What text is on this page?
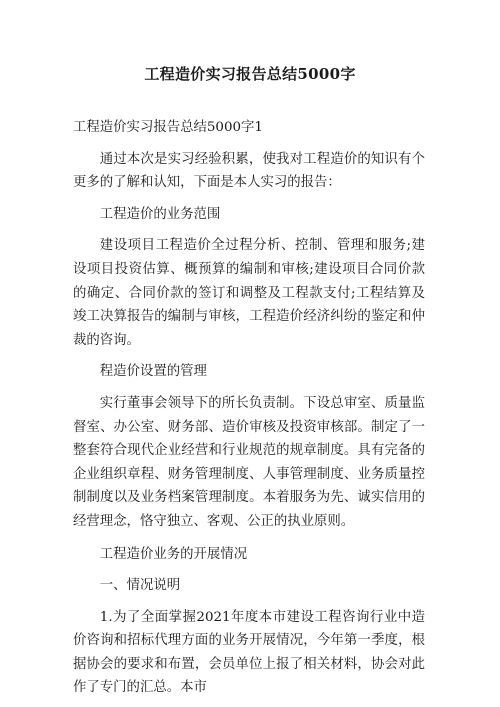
工程造价实习报告总结5000字

工程造价实习报告总结5000字1

通过本次是实习经验积累，使我对工程造价的知识有个更多的了解和认知，下面是本人实习的报告：

工程造价的业务范围

建设项目工程造价全过程分析、控制、管理和服务;建设项目投资估算、概预算的编制和审核;建设项目合同价款的确定、合同价款的签订和调整及工程款支付;工程结算及竣工决算报告的编制与审核，工程造价经济纠纷的鉴定和仲裁的咨询。

程造价设置的管理

实行董事会领导下的所长负责制。下设总审室、质量监督室、办公室、财务部、造价审核及投资审核部。制定了一整套符合现代企业经营和行业规范的规章制度。具有完备的企业组织章程、财务管理制度、人事管理制度、业务质量控制制度以及业务档案管理制度。本着服务为先、诚实信用的经营理念，恪守独立、客观、公正的执业原则。

工程造价业务的开展情况

一、情况说明

1.为了全面掌握2021年度本市建设工程咨询行业中造价咨询和招标代理方面的业务开展情况，今年第一季度，根据协会的要求和布置，会员单位上报了相关材料，协会对此作了专门的汇总。本市
